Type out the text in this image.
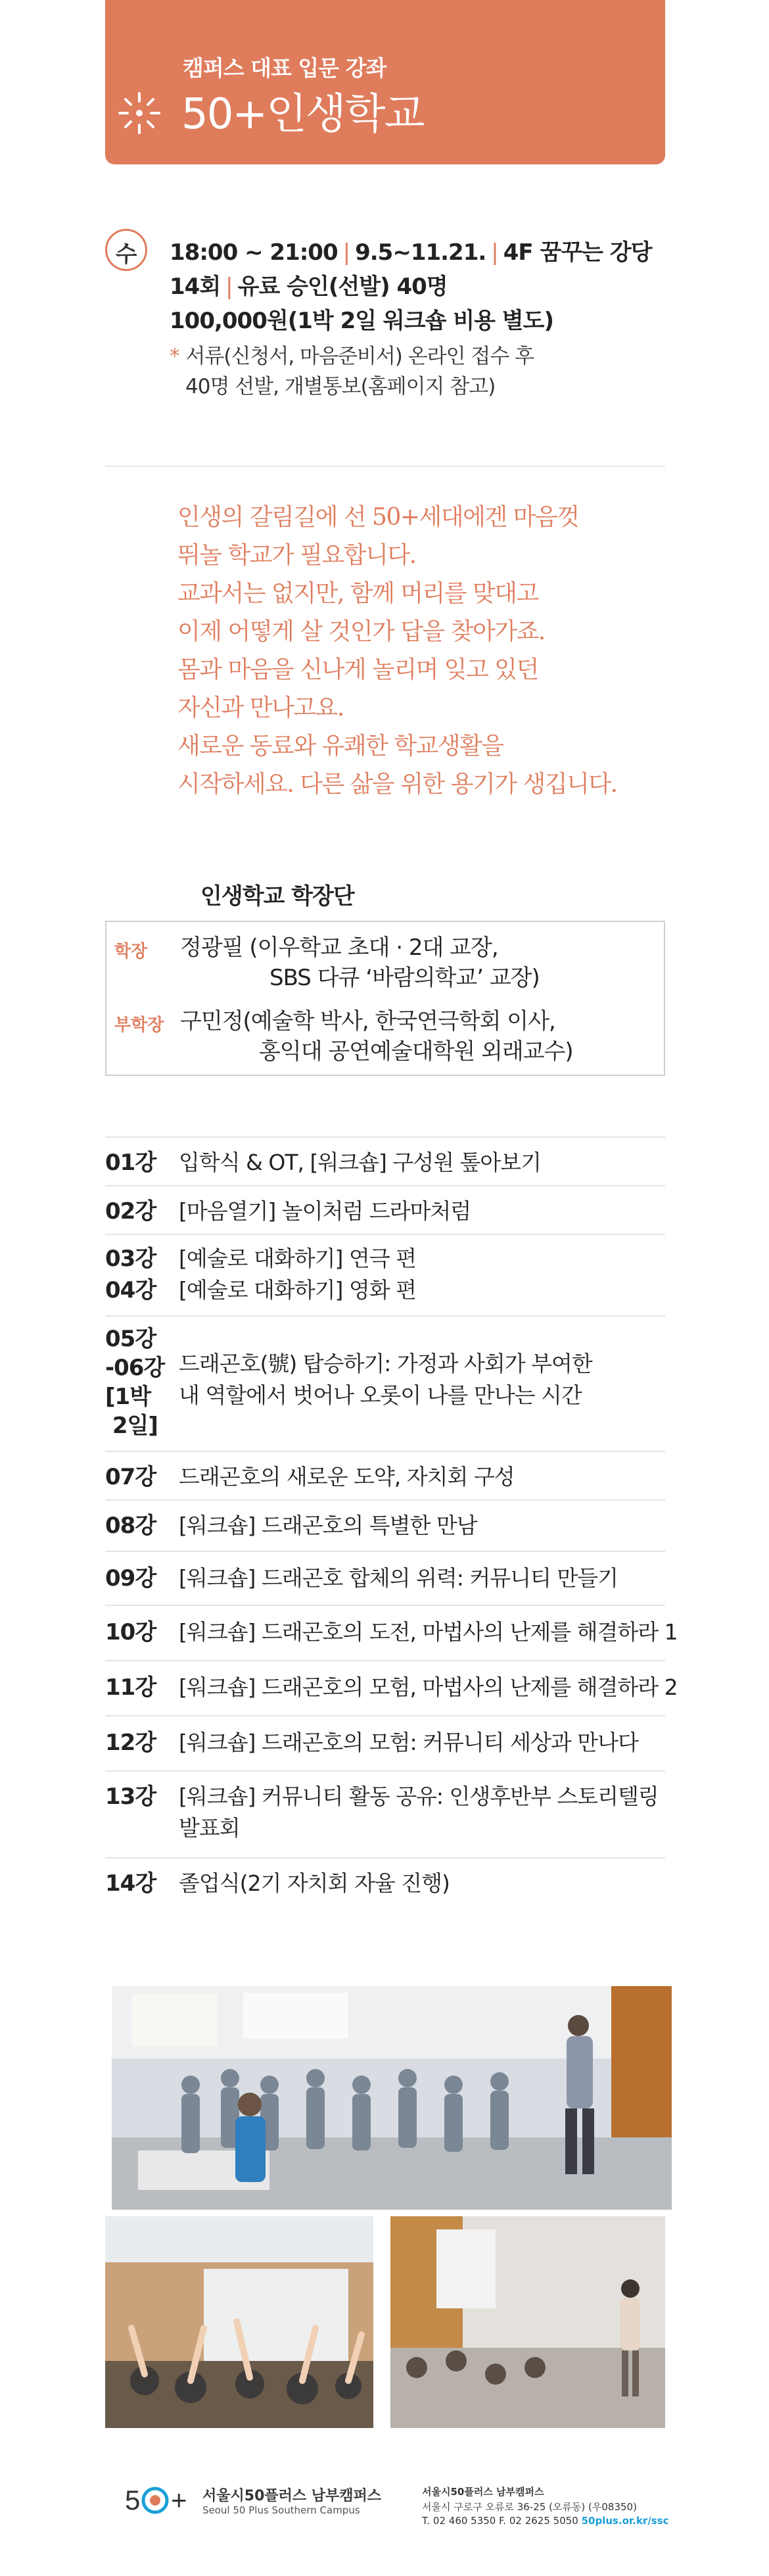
캠퍼스 대표 입문 강좌
50+인생학교
수	18:00 ~ 21:00 | 9.5~11.21. | 4F 꿈꾸는 강당
14회 | 유료 승인(선발) 40명
100,000원(1박 2일 워크숍 비용 별도)
* 서류(신청서, 마음준비서) 온라인 접수 후
40명 선발, 개별통보(홈페이지 참고)
인생의 갈림길에 선 50+세대에겐 마음껏
뛰놀 학교가 필요합니다.
교과서는 없지만, 함께 머리를 맞대고
이제 어떻게 살 것인가 답을 찾아가죠.
몸과 마음을 신나게 놀리며 잊고 있던
자신과 만나고요.
새로운 동료와 유쾌한 학교생활을
시작하세요. 다른 삶을 위한 용기가 생깁니다.
인생학교 학장단
학장 정광필 (이우학교 초대 · 2대 교장,
SBS 다큐 ‘바람의학교’ 교장)
부학장 구민정(예술학 박사, 한국연극학회 이사,
홍익대 공연예술대학원 외래교수)
01강 입학식 & OT, [워크숍] 구성원 톺아보기
02강 [마음열기] 놀이처럼 드라마처럼
03강
04강
[예술로 대화하기] 연극 편
[예술로 대화하기] 영화 편
05강
-06강
[1박
2일]
드래곤호(號) 탑승하기: 가정과 사회가 부여한
내 역할에서 벗어나 오롯이 나를 만나는 시간
07강 드래곤호의 새로운 도약, 자치회 구성
08강 [워크숍] 드래곤호의 특별한 만남
09강 [워크숍] 드래곤호 합체의 위력: 커뮤니티 만들기
10강 [워크숍] 드래곤호의 도전, 마법사의 난제를 해결하라 1
11강 [워크숍] 드래곤호의 모험, 마법사의 난제를 해결하라 2
12강 [워크숍] 드래곤호의 모험: 커뮤니티 세상과 만나다
13강 [워크숍] 커뮤니티 활동 공유: 인생후반부 스토리텔링
발표회
14강 졸업식(2기 자치회 자율 진행)
5 + 서울시50플러스 남부캠퍼스
Seoul 50 Plus Southern Campus
서울시50플러스 남부캠퍼스
서울시 구로구 오류로 36-25 (오류동) (우08350)
T. 02 460 5350 F. 02 2625 5050 50plus.or.kr/ssc
